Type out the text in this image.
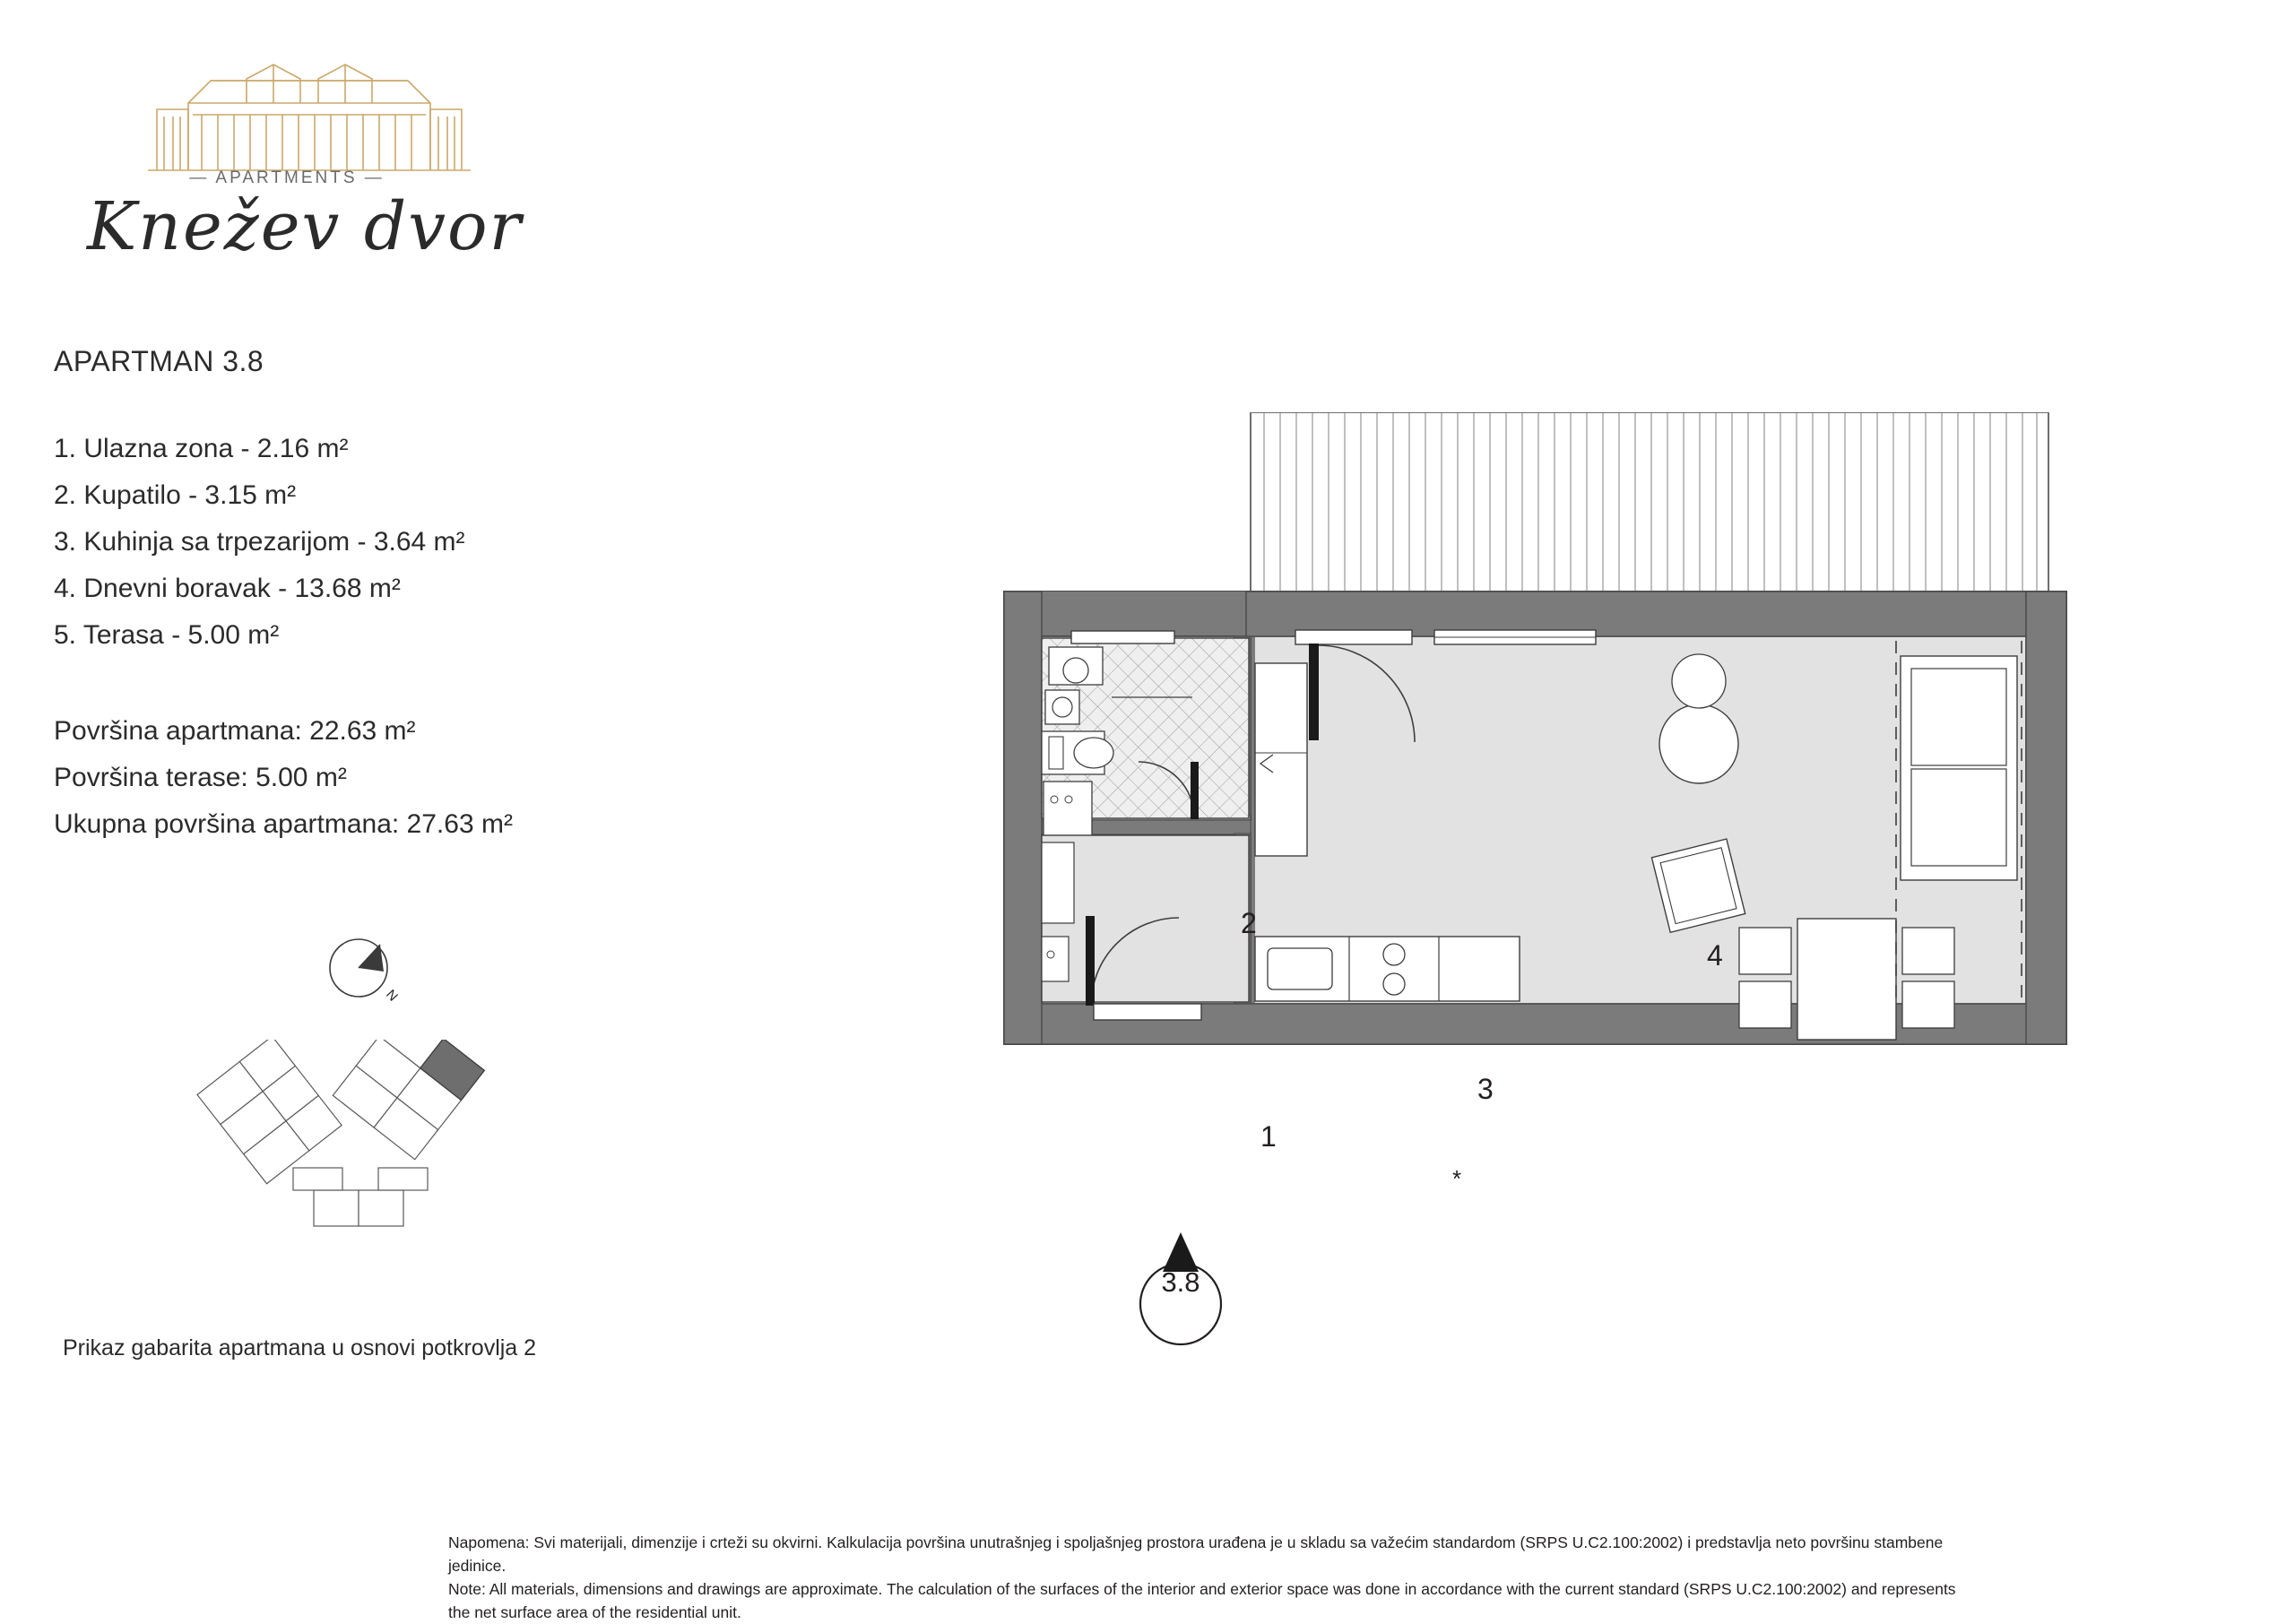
— APARTMENTS —
Knežev dvor
APARTMAN 3.8
1. Ulazna zona - 2.16 m²
2. Kupatilo - 3.15 m²
3. Kuhinja sa trpezarijom - 3.64 m²
4. Dnevni boravak - 13.68 m²
5. Terasa - 5.00 m²
Površina apartmana: 22.63 m²
Površina terase: 5.00 m²
Ukupna površina apartmana: 27.63 m²
N
Prikaz gabarita apartmana u osnovi potkrovlja 2
1
2
3
4
*
3.8
Napomena: Svi materijali, dimenzije i crteži su okvirni. Kalkulacija površina unutrašnjeg i spoljašnjeg prostora urađena je u skladu sa važećim standardom (SRPS U.C2.100:2002) i predstavlja neto površinu stambene jedinice.
Note: All materials, dimensions and drawings are approximate. The calculation of the surfaces of the interior and exterior space was done in accordance with the current standard (SRPS U.C2.100:2002) and represents the net surface area of the residential unit.
